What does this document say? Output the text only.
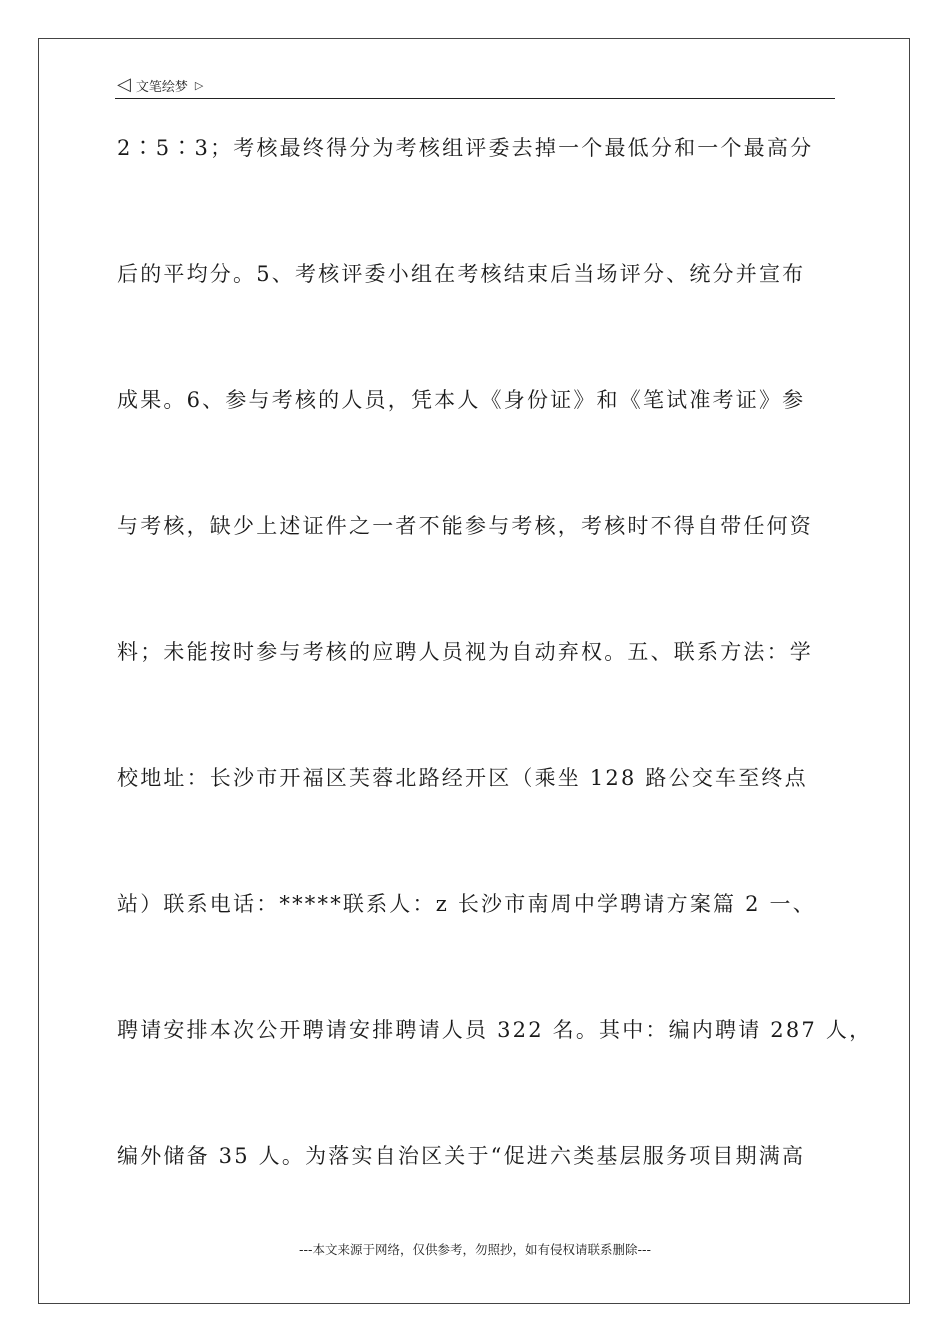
◁ 文笔绘梦 ▷
2∶5∶3；考核最终得分为考核组评委去掉一个最低分和一个最高分
后的平均分。5、考核评委小组在考核结束后当场评分、统分并宣布
成果。6、参与考核的人员，凭本人《身份证》和《笔试准考证》参
与考核，缺少上述证件之一者不能参与考核，考核时不得自带任何资
料；未能按时参与考核的应聘人员视为自动弃权。五、联系方法：学
校地址：长沙市开福区芙蓉北路经开区（乘坐 128 路公交车至终点
站）联系电话：*****联系人：z 长沙市南周中学聘请方案篇 2 一、
聘请安排本次公开聘请安排聘请人员 322 名。其中：编内聘请 287 人，
编外储备 35 人。为落实自治区关于“促进六类基层服务项目期满高
---本文来源于网络，仅供参考，勿照抄，如有侵权请联系删除---
